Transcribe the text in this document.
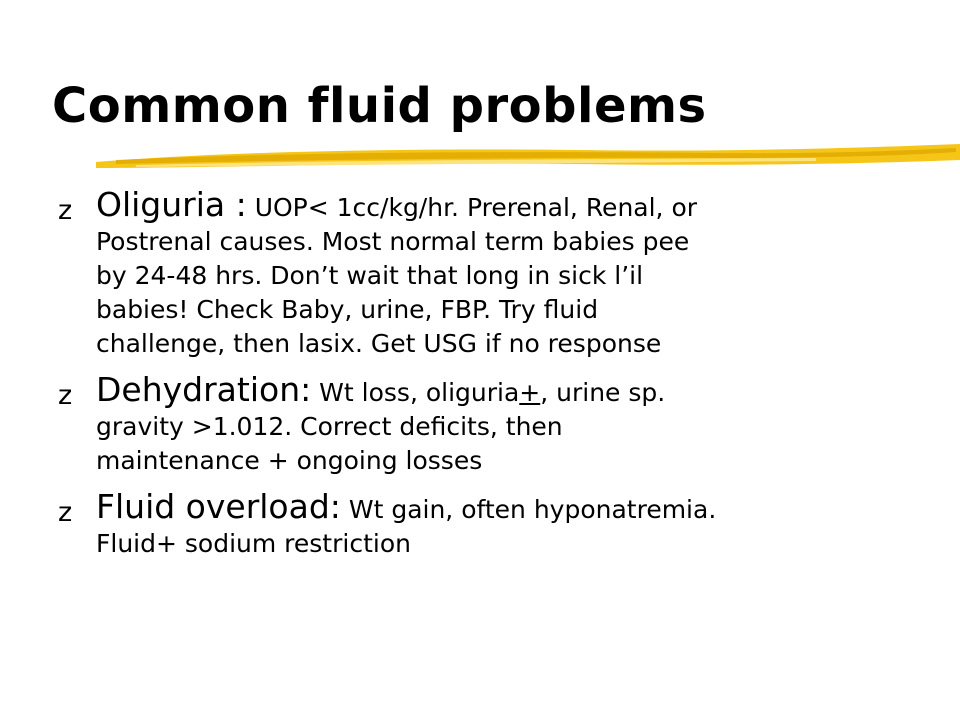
Common fluid problems
z Oliguria : UOP< 1cc/kg/hr. Prerenal, Renal, or
Postrenal causes. Most normal term babies pee
by 24-48 hrs. Don’t wait that long in sick l’il
babies! Check Baby, urine, FBP. Try fluid
challenge, then lasix. Get USG if no response
z Dehydration: Wt loss, oliguria+, urine sp.
gravity >1.012. Correct deficits, then
maintenance + ongoing losses
z Fluid overload: Wt gain, often hyponatremia.
Fluid+ sodium restriction
